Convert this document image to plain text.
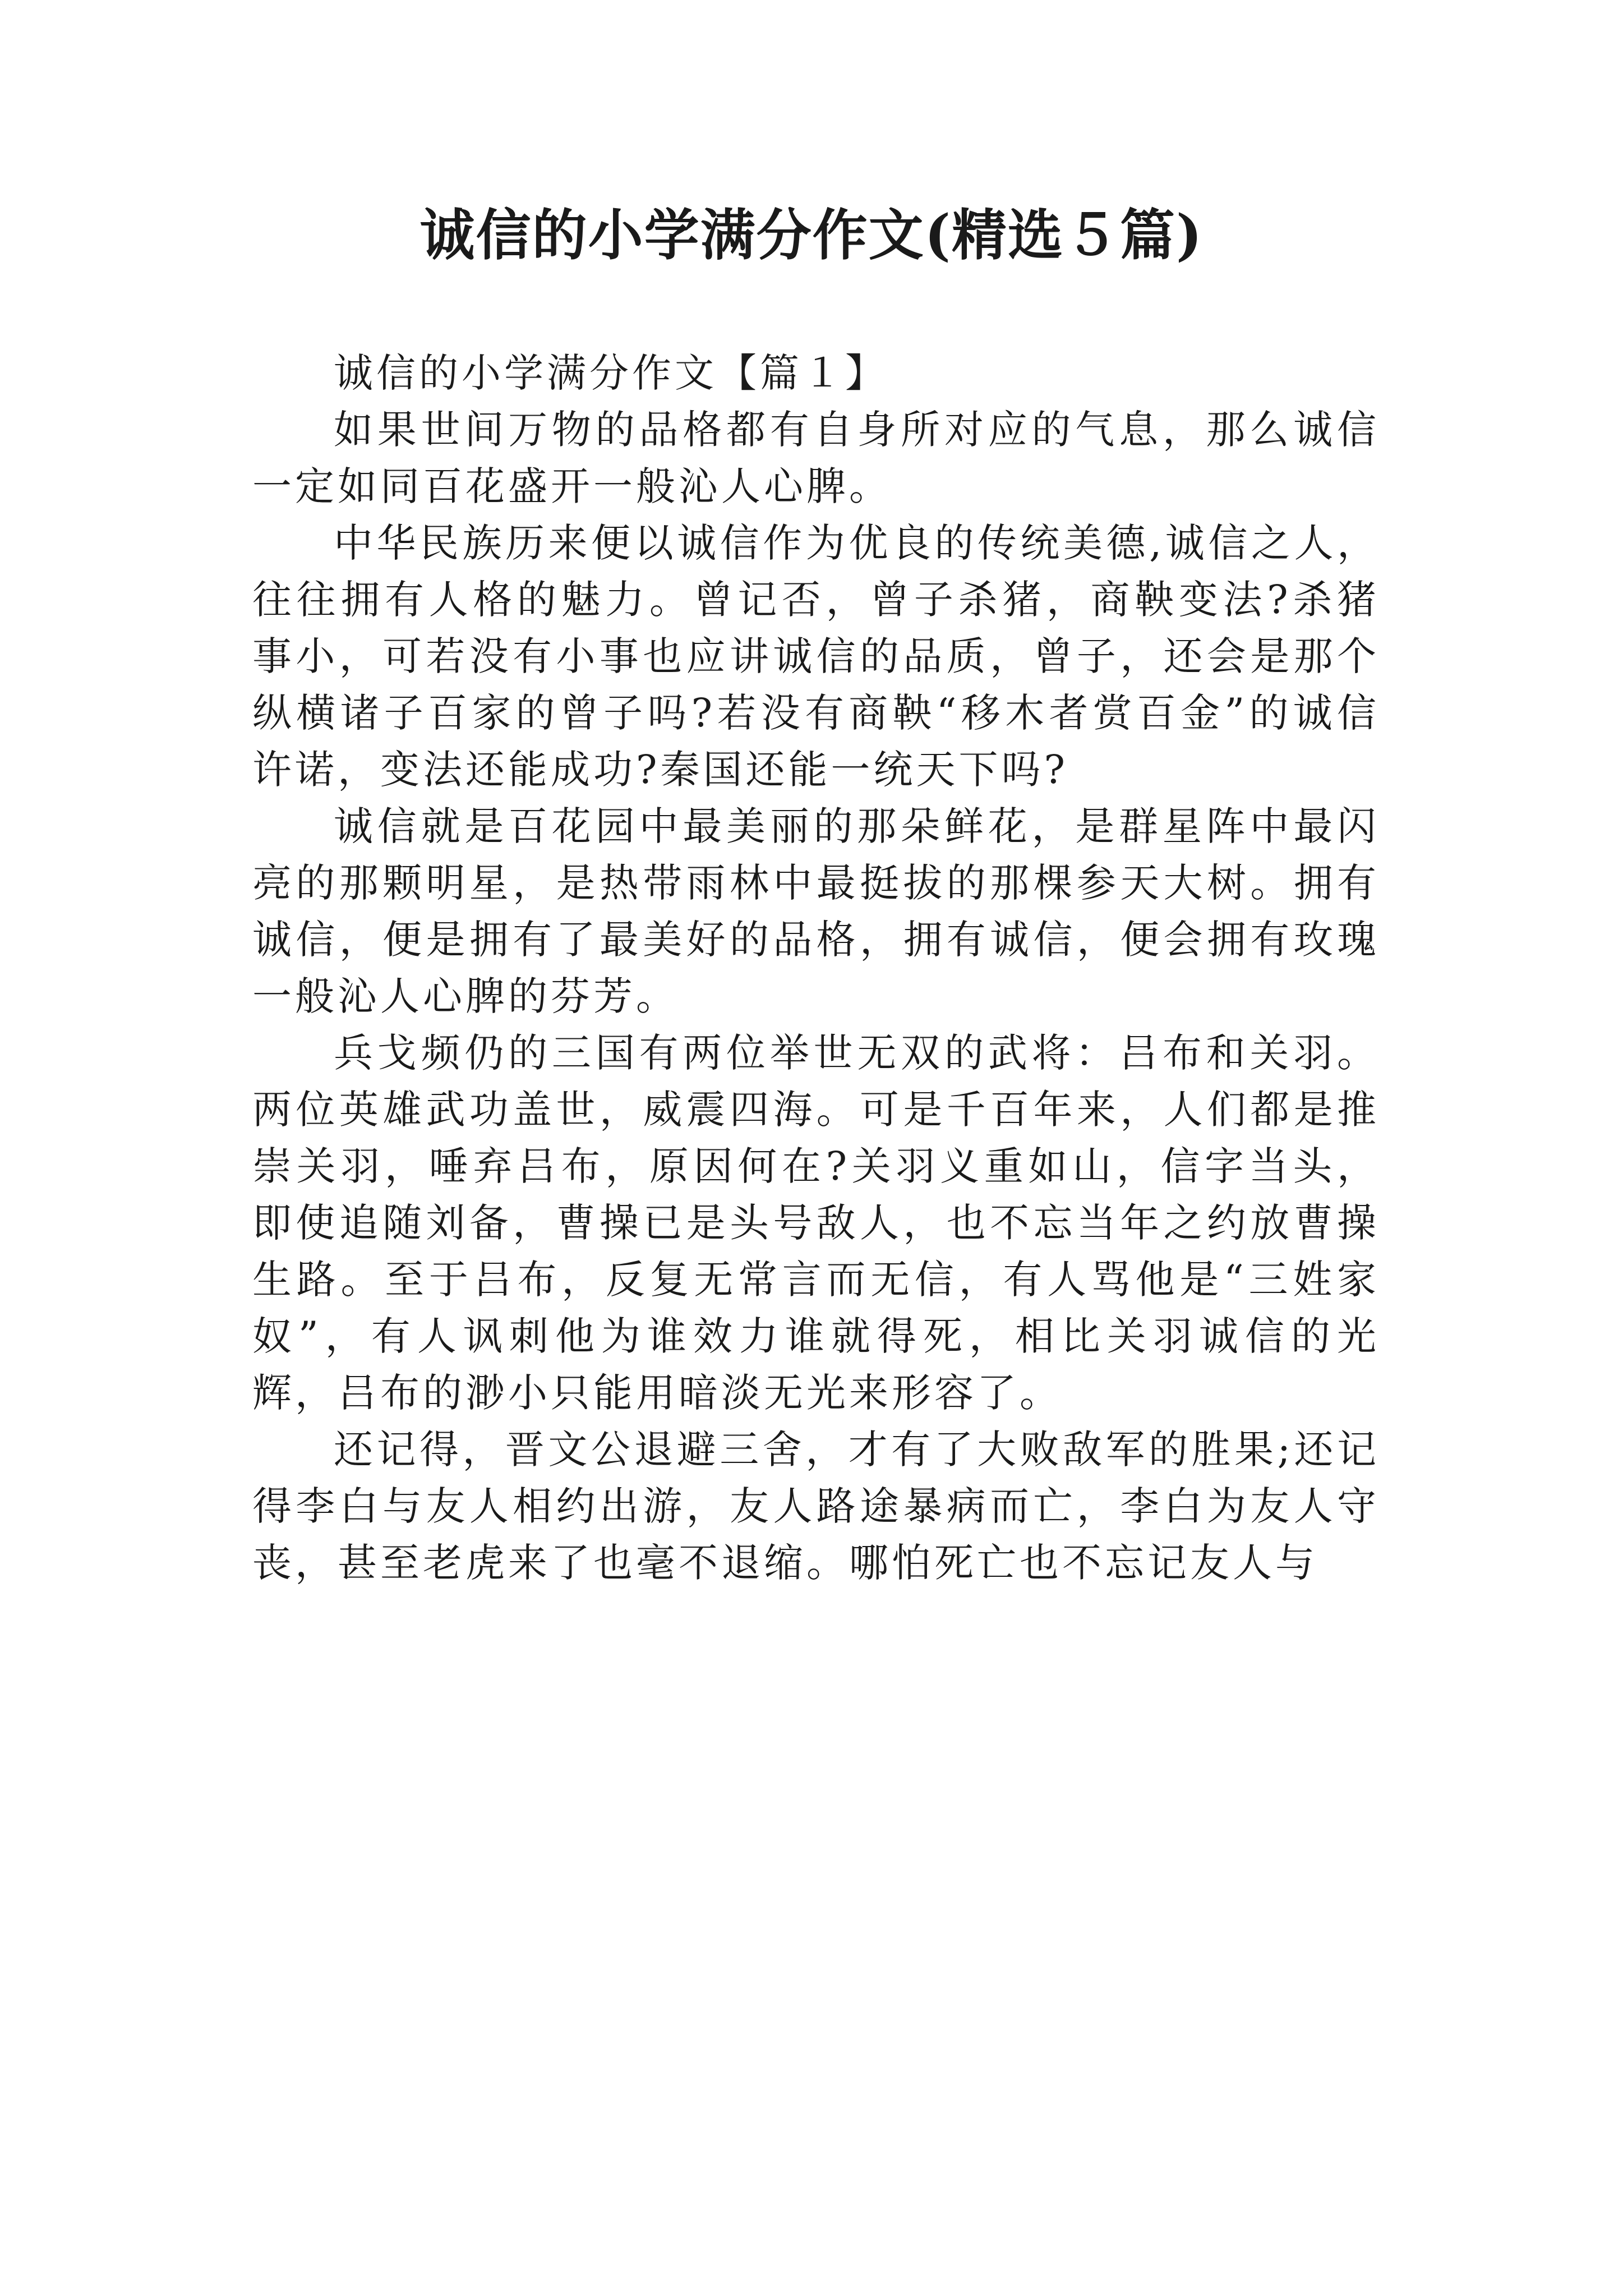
诚信的小学满分作文(精选５篇)

诚信的小学满分作文【篇１】

如果世间万物的品格都有自身所对应的气息，那么诚信一定如同百花盛开一般沁人心脾。

中华民族历来便以诚信作为优良的传统美德,诚信之人，往往拥有人格的魅力。曾记否，曾子杀猪，商鞅变法?杀猪事小，可若没有小事也应讲诚信的品质，曾子，还会是那个纵横诸子百家的曾子吗?若没有商鞅“移木者赏百金”的诚信许诺，变法还能成功?秦国还能一统天下吗?

诚信就是百花园中最美丽的那朵鲜花，是群星阵中最闪亮的那颗明星，是热带雨林中最挺拔的那棵参天大树。拥有诚信，便是拥有了最美好的品格，拥有诚信，便会拥有玫瑰一般沁人心脾的芬芳。

兵戈频仍的三国有两位举世无双的武将：吕布和关羽。两位英雄武功盖世，威震四海。可是千百年来，人们都是推崇关羽，唾弃吕布，原因何在?关羽义重如山，信字当头，即使追随刘备，曹操已是头号敌人，也不忘当年之约放曹操生路。至于吕布，反复无常言而无信，有人骂他是“三姓家奴”，有人讽刺他为谁效力谁就得死，相比关羽诚信的光辉，吕布的渺小只能用暗淡无光来形容了。

还记得，晋文公退避三舍，才有了大败敌军的胜果;还记得李白与友人相约出游，友人路途暴病而亡，李白为友人守丧，甚至老虎来了也毫不退缩。哪怕死亡也不忘记友人与
